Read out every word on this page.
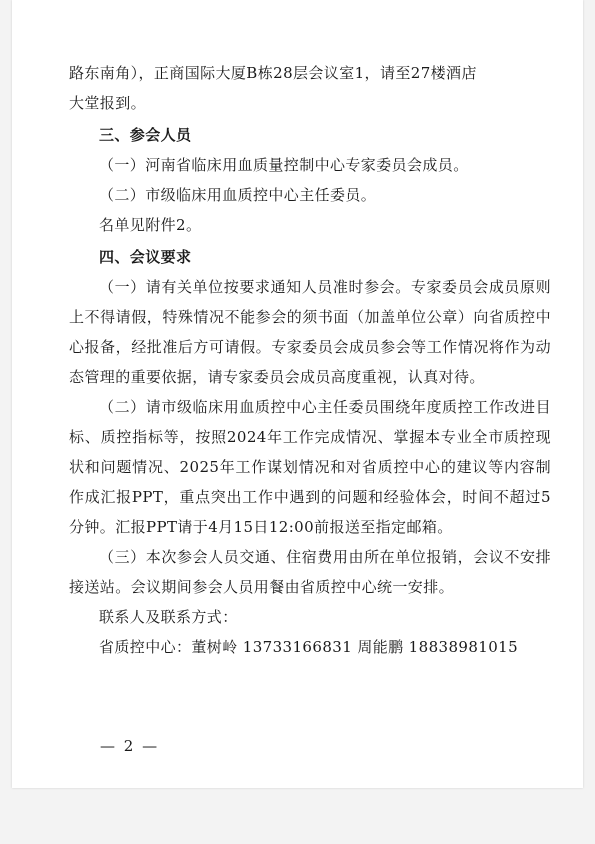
路东南角），正商国际大厦B栋28层会议室1，请至27楼酒店

大堂报到。

三、参会人员

（一）河南省临床用血质量控制中心专家委员会成员。

（二）市级临床用血质控中心主任委员。

名单见附件2。

四、会议要求

（一）请有关单位按要求通知人员准时参会。专家委员会成员原则上不得请假，特殊情况不能参会的须书面（加盖单位公章）向省质控中心报备，经批准后方可请假。专家委员会成员参会等工作情况将作为动态管理的重要依据，请专家委员会成员高度重视，认真对待。

（二）请市级临床用血质控中心主任委员围绕年度质控工作改进目标、质控指标等，按照2024年工作完成情况、掌握本专业全市质控现状和问题情况、2025年工作谋划情况和对省质控中心的建议等内容制作成汇报PPT，重点突出工作中遇到的问题和经验体会，时间不超过5分钟。汇报PPT请于4月15日12:00前报送至指定邮箱。

（三）本次参会人员交通、住宿费用由所在单位报销，会议不安排接送站。会议期间参会人员用餐由省质控中心统一安排。

联系人及联系方式：

省质控中心：董树岭 13733166831 周能鹏 18838981015

— 2 —
